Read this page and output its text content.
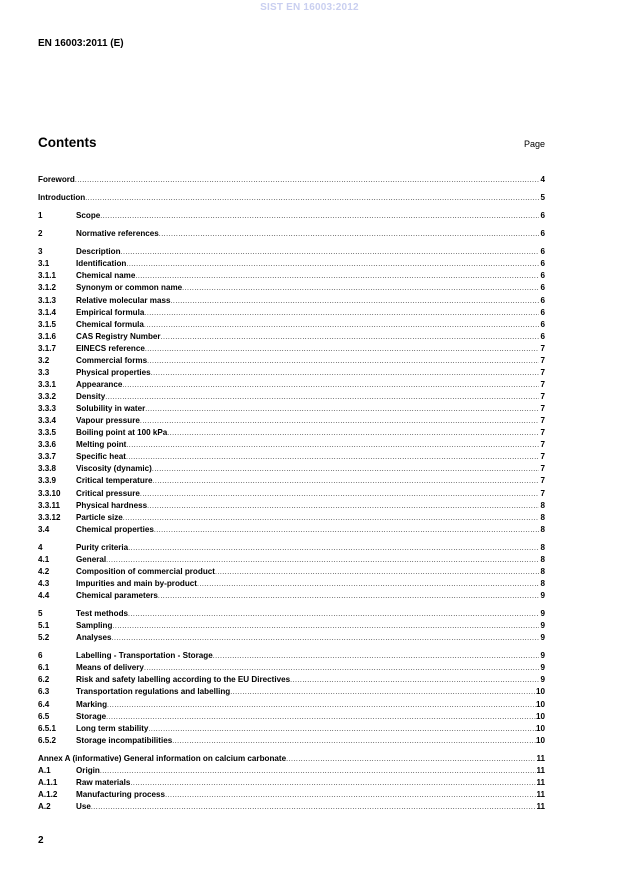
SIST EN 16003:2012
EN 16003:2011 (E)
Contents	Page
Foreword .....	4
Introduction .....	5
1	Scope .....	6
2	Normative references .....	6
3	Description .....	6
3.1	Identification .....	6
3.1.1	Chemical name .....	6
3.1.2	Synonym or common name .....	6
3.1.3	Relative molecular mass .....	6
3.1.4	Empirical formula .....	6
3.1.5	Chemical formula .....	6
3.1.6	CAS Registry Number .....	6
3.1.7	EINECS reference .....	7
3.2	Commercial forms .....	7
3.3	Physical properties .....	7
3.3.1	Appearance .....	7
3.3.2	Density .....	7
3.3.3	Solubility in water .....	7
3.3.4	Vapour pressure .....	7
3.3.5	Boiling point at 100 kPa .....	7
3.3.6	Melting point .....	7
3.3.7	Specific heat .....	7
3.3.8	Viscosity (dynamic) .....	7
3.3.9	Critical temperature .....	7
3.3.10	Critical pressure .....	7
3.3.11	Physical hardness .....	8
3.3.12	Particle size .....	8
3.4	Chemical properties .....	8
4	Purity criteria .....	8
4.1	General .....	8
4.2	Composition of commercial product .....	8
4.3	Impurities and main by-product .....	8
4.4	Chemical parameters .....	9
5	Test methods .....	9
5.1	Sampling .....	9
5.2	Analyses .....	9
6	Labelling - Transportation - Storage .....	9
6.1	Means of delivery .....	9
6.2	Risk and safety labelling according to the EU Directives .....	9
6.3	Transportation regulations and labelling .....	10
6.4	Marking .....	10
6.5	Storage .....	10
6.5.1	Long term stability .....	10
6.5.2	Storage incompatibilities .....	10
Annex A (informative) General information on calcium carbonate .....	11
A.1	Origin .....	11
A.1.1	Raw materials .....	11
A.1.2	Manufacturing process .....	11
A.2	Use .....	11
2
